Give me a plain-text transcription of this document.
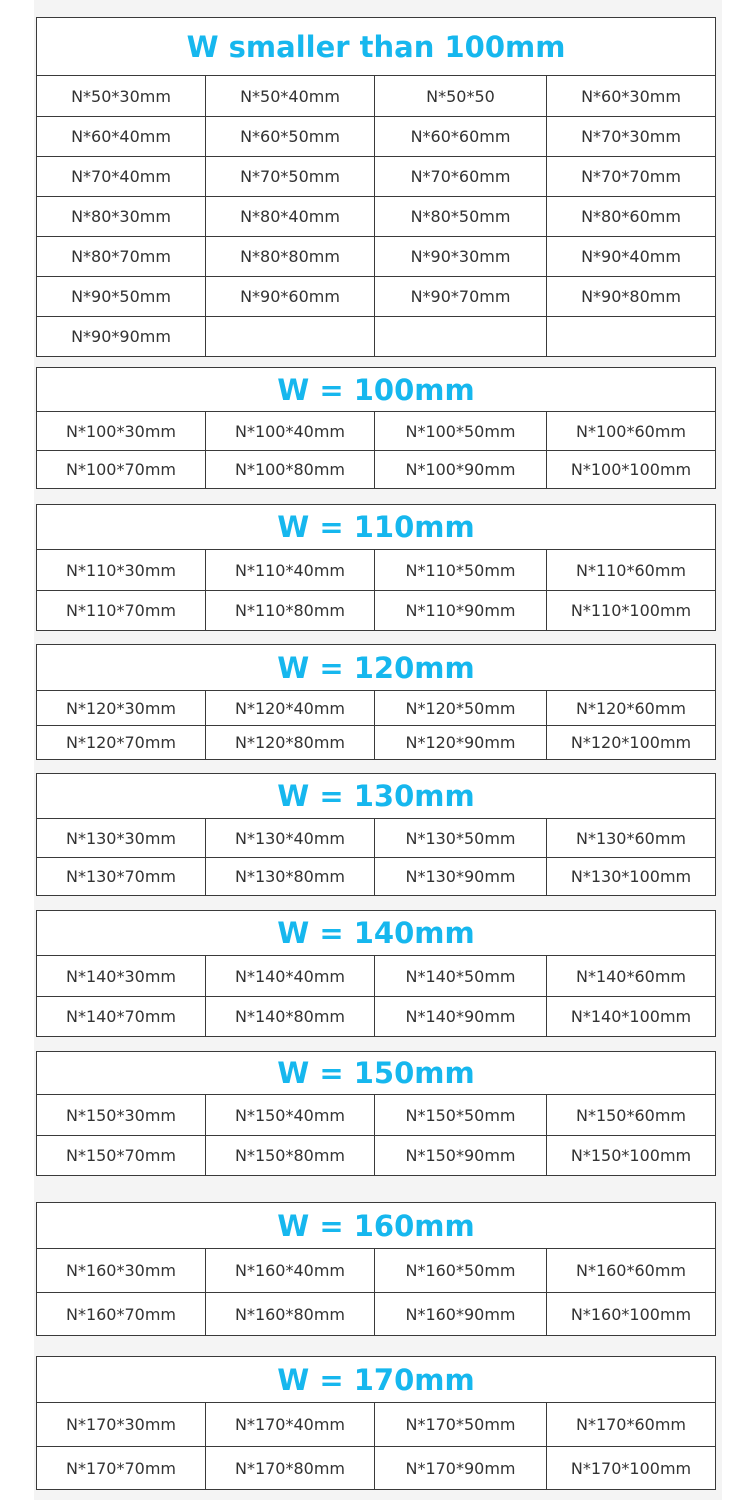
W smaller than 100mm
N*50*30mm	N*50*40mm	N*50*50	N*60*30mm
N*60*40mm	N*60*50mm	N*60*60mm	N*70*30mm
N*70*40mm	N*70*50mm	N*70*60mm	N*70*70mm
N*80*30mm	N*80*40mm	N*80*50mm	N*80*60mm
N*80*70mm	N*80*80mm	N*90*30mm	N*90*40mm
N*90*50mm	N*90*60mm	N*90*70mm	N*90*80mm
N*90*90mm
W = 100mm
N*100*30mm	N*100*40mm	N*100*50mm	N*100*60mm
N*100*70mm	N*100*80mm	N*100*90mm	N*100*100mm
W = 110mm
N*110*30mm	N*110*40mm	N*110*50mm	N*110*60mm
N*110*70mm	N*110*80mm	N*110*90mm	N*110*100mm
W = 120mm
N*120*30mm	N*120*40mm	N*120*50mm	N*120*60mm
N*120*70mm	N*120*80mm	N*120*90mm	N*120*100mm
W = 130mm
N*130*30mm	N*130*40mm	N*130*50mm	N*130*60mm
N*130*70mm	N*130*80mm	N*130*90mm	N*130*100mm
W = 140mm
N*140*30mm	N*140*40mm	N*140*50mm	N*140*60mm
N*140*70mm	N*140*80mm	N*140*90mm	N*140*100mm
W = 150mm
N*150*30mm	N*150*40mm	N*150*50mm	N*150*60mm
N*150*70mm	N*150*80mm	N*150*90mm	N*150*100mm
W = 160mm
N*160*30mm	N*160*40mm	N*160*50mm	N*160*60mm
N*160*70mm	N*160*80mm	N*160*90mm	N*160*100mm
W = 170mm
N*170*30mm	N*170*40mm	N*170*50mm	N*170*60mm
N*170*70mm	N*170*80mm	N*170*90mm	N*170*100mm
